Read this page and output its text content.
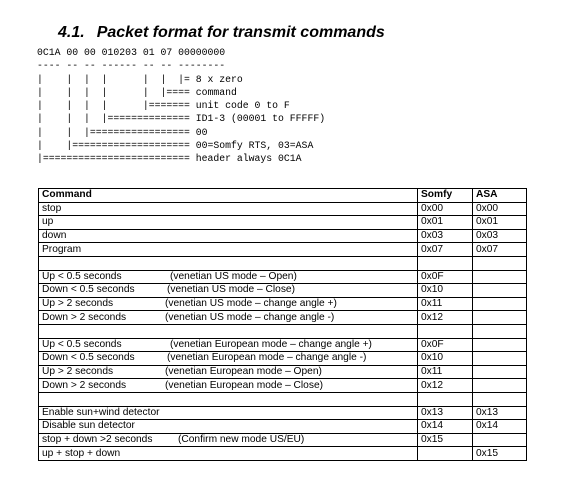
4.1. Packet format for transmit commands
0C1A 00 00 010203 01 07 00000000
---- -- -- ------ -- -- --------
|    |  |  |      |  |  |= 8 x zero
|    |  |  |      |  |==== command
|    |  |  |      |======= unit code 0 to F
|    |  |  |============== ID1-3 (00001 to FFFFF)
|    |  |================= 00
|    |==================== 00=Somfy RTS, 03=ASA
|========================= header always 0C1A
Command	Somfy	ASA
stop	0x00	0x00
up	0x01	0x01
down	0x03	0x03
Program	0x07	0x07

Up < 0.5 seconds (venetian US mode – Open)	0x0F	
Down < 0.5 seconds (venetian US mode – Close)	0x10	
Up > 2 seconds (venetian US mode – change angle +)	0x11	
Down > 2 seconds (venetian US mode – change angle -)	0x12	

Up < 0.5 seconds (venetian European mode – change angle +)	0x0F	
Down < 0.5 seconds (venetian European mode – change angle -)	0x10	
Up > 2 seconds (venetian European mode – Open)	0x11	
Down > 2 seconds (venetian European mode – Close)	0x12	

Enable sun+wind detector	0x13	0x13
Disable sun detector	0x14	0x14
stop + down >2 seconds (Confirm new mode US/EU)	0x15	
up + stop + down		0x15
